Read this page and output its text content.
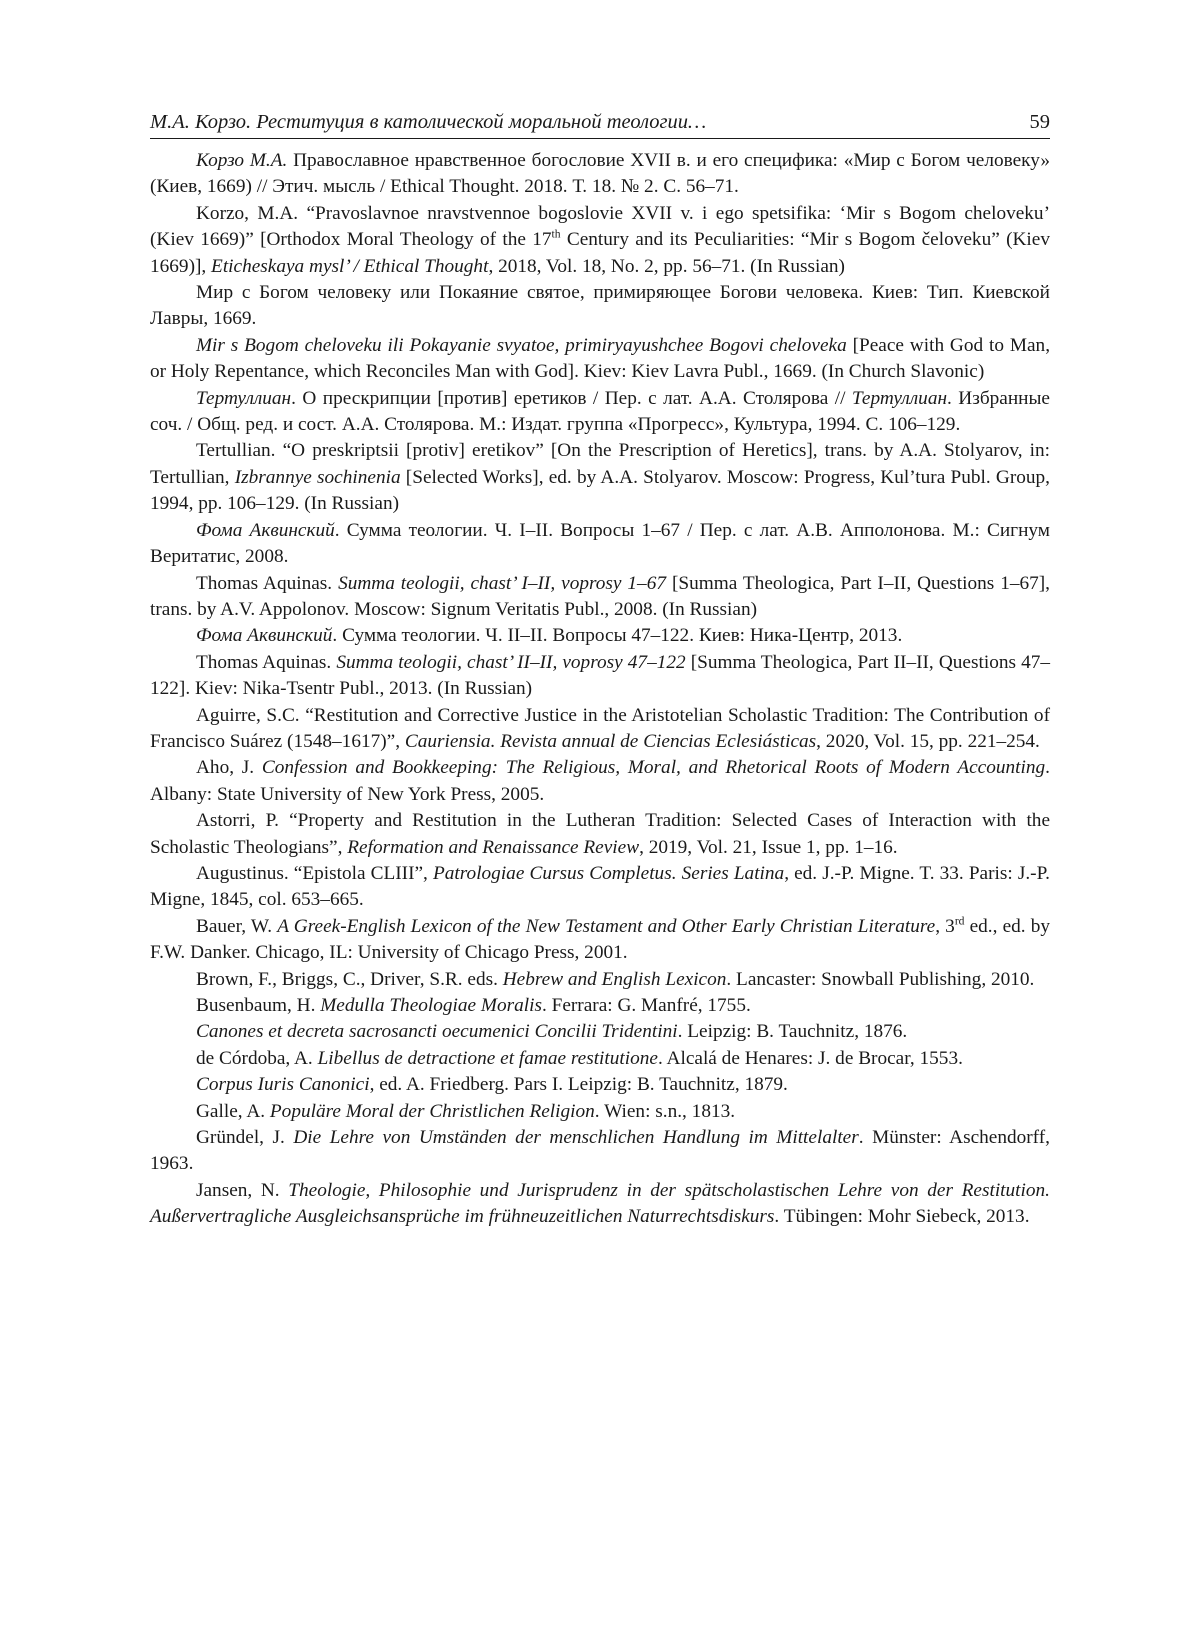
М.А. Корзо. Реституция в католической моральной теологии…	59

Корзо М.А. Православное нравственное богословие XVII в. и его специфика: «Мир с Богом человеку» (Киев, 1669) // Этич. мысль / Ethical Thought. 2018. Т. 18. № 2. С. 56–71.

Korzo, M.A. “Pravoslavnoe nravstvennoe bogoslovie XVII v. i ego spetsifika: ‘Mir s Bogom cheloveku’ (Kiev 1669)” [Orthodox Moral Theology of the 17th Century and its Peculiarities: “Mir s Bogom čeloveku” (Kiev 1669)], Eticheskaya mysl’ / Ethical Thought, 2018, Vol. 18, No. 2, pp. 56–71. (In Russian)

Мир с Богом человеку или Покаяние святое, примиряющее Богови человека. Киев: Тип. Киевской Лавры, 1669.

Mir s Bogom cheloveku ili Pokayanie svyatoe, primiryayushchee Bogovi cheloveka [Peace with God to Man, or Holy Repentance, which Reconciles Man with God]. Kiev: Kiev Lavra Publ., 1669. (In Church Slavonic)

Тертуллиан. О прескрипции [против] еретиков / Пер. с лат. А.А. Столярова // Тертуллиан. Избранные соч. / Общ. ред. и сост. А.А. Столярова. М.: Издат. группа «Прогресс», Культура, 1994. С. 106–129.

Tertullian. “O preskriptsii [protiv] eretikov” [On the Prescription of Heretics], trans. by A.A. Stolyarov, in: Tertullian, Izbrannye sochinenia [Selected Works], ed. by A.A. Stolyarov. Moscow: Progress, Kul’tura Publ. Group, 1994, pp. 106–129. (In Russian)

Фома Аквинский. Сумма теологии. Ч. I–II. Вопросы 1–67 / Пер. с лат. А.В. Апполонова. М.: Сигнум Веритатис, 2008.

Thomas Aquinas. Summa teologii, chast’ I–II, voprosy 1–67 [Summa Theologica, Part I–II, Questions 1–67], trans. by A.V. Appolonov. Moscow: Signum Veritatis Publ., 2008. (In Russian)

Фома Аквинский. Сумма теологии. Ч. II–II. Вопросы 47–122. Киев: Ника-Центр, 2013.

Thomas Aquinas. Summa teologii, chast’ II–II, voprosy 47–122 [Summa Theologica, Part II–II, Questions 47–122]. Kiev: Nika-Tsentr Publ., 2013. (In Russian)

Aguirre, S.C. “Restitution and Corrective Justice in the Aristotelian Scholastic Tradition: The Contribution of Francisco Suárez (1548–1617)”, Cauriensia. Revista annual de Ciencias Eclesiásticas, 2020, Vol. 15, pp. 221–254.

Aho, J. Confession and Bookkeeping: The Religious, Moral, and Rhetorical Roots of Modern Accounting. Albany: State University of New York Press, 2005.

Astorri, P. “Property and Restitution in the Lutheran Tradition: Selected Cases of Interaction with the Scholastic Theologians”, Reformation and Renaissance Review, 2019, Vol. 21, Issue 1, pp. 1–16.

Augustinus. “Epistola CLIII”, Patrologiae Cursus Completus. Series Latina, ed. J.-P. Migne. T. 33. Paris: J.-P. Migne, 1845, col. 653–665.

Bauer, W. A Greek-English Lexicon of the New Testament and Other Early Christian Literature, 3rd ed., ed. by F.W. Danker. Chicago, IL: University of Chicago Press, 2001.

Brown, F., Briggs, C., Driver, S.R. eds. Hebrew and English Lexicon. Lancaster: Snowball Publishing, 2010.

Busenbaum, H. Medulla Theologiae Moralis. Ferrara: G. Manfré, 1755.

Canones et decreta sacrosancti oecumenici Concilii Tridentini. Leipzig: B. Tauchnitz, 1876.

de Córdoba, A. Libellus de detractione et famae restitutione. Alcalá de Henares: J. de Brocar, 1553.

Corpus Iuris Canonici, ed. A. Friedberg. Pars I. Leipzig: B. Tauchnitz, 1879.

Galle, A. Populäre Moral der Christlichen Religion. Wien: s.n., 1813.

Gründel, J. Die Lehre von Umständen der menschlichen Handlung im Mittelalter. Münster: Aschendorff, 1963.

Jansen, N. Theologie, Philosophie und Jurisprudenz in der spätscholastischen Lehre von der Restitution. Außervertragliche Ausgleichsansprüche im frühneuzeitlichen Naturrechtsdiskurs. Tübingen: Mohr Siebeck, 2013.
